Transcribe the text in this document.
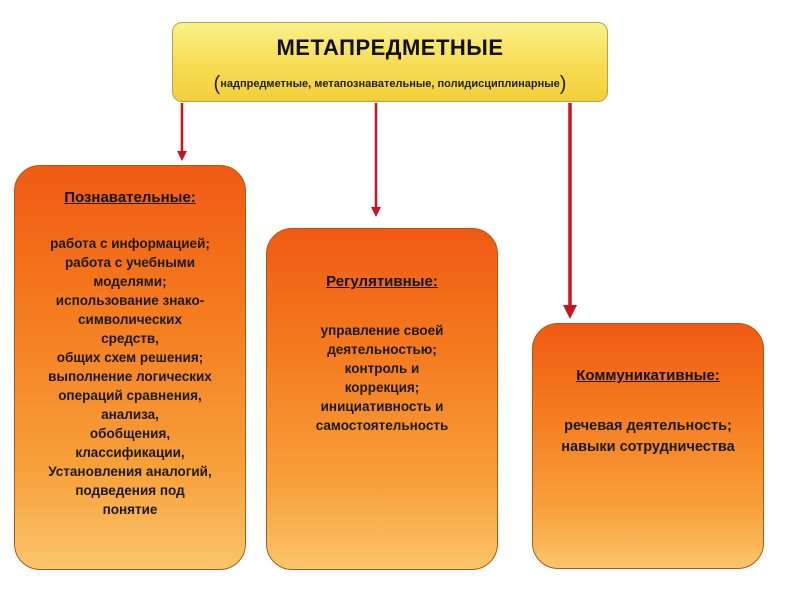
МЕТАПРЕДМЕТНЫЕ
(надпредметные, метапознавательные, полидисциплинарные)
Познавательные:
работа с информацией;
работа с учебными
моделями;
использование знако-
символических
средств,
общих схем решения;
выполнение логических
операций сравнения,
анализа,
обобщения,
классификации,
Установления аналогий,
подведения под
понятие
Регулятивные:
управление своей
деятельностью;
контроль и
коррекция;
инициативность и
самостоятельность
Коммуникативные:
речевая деятельность;
навыки сотрудничества
